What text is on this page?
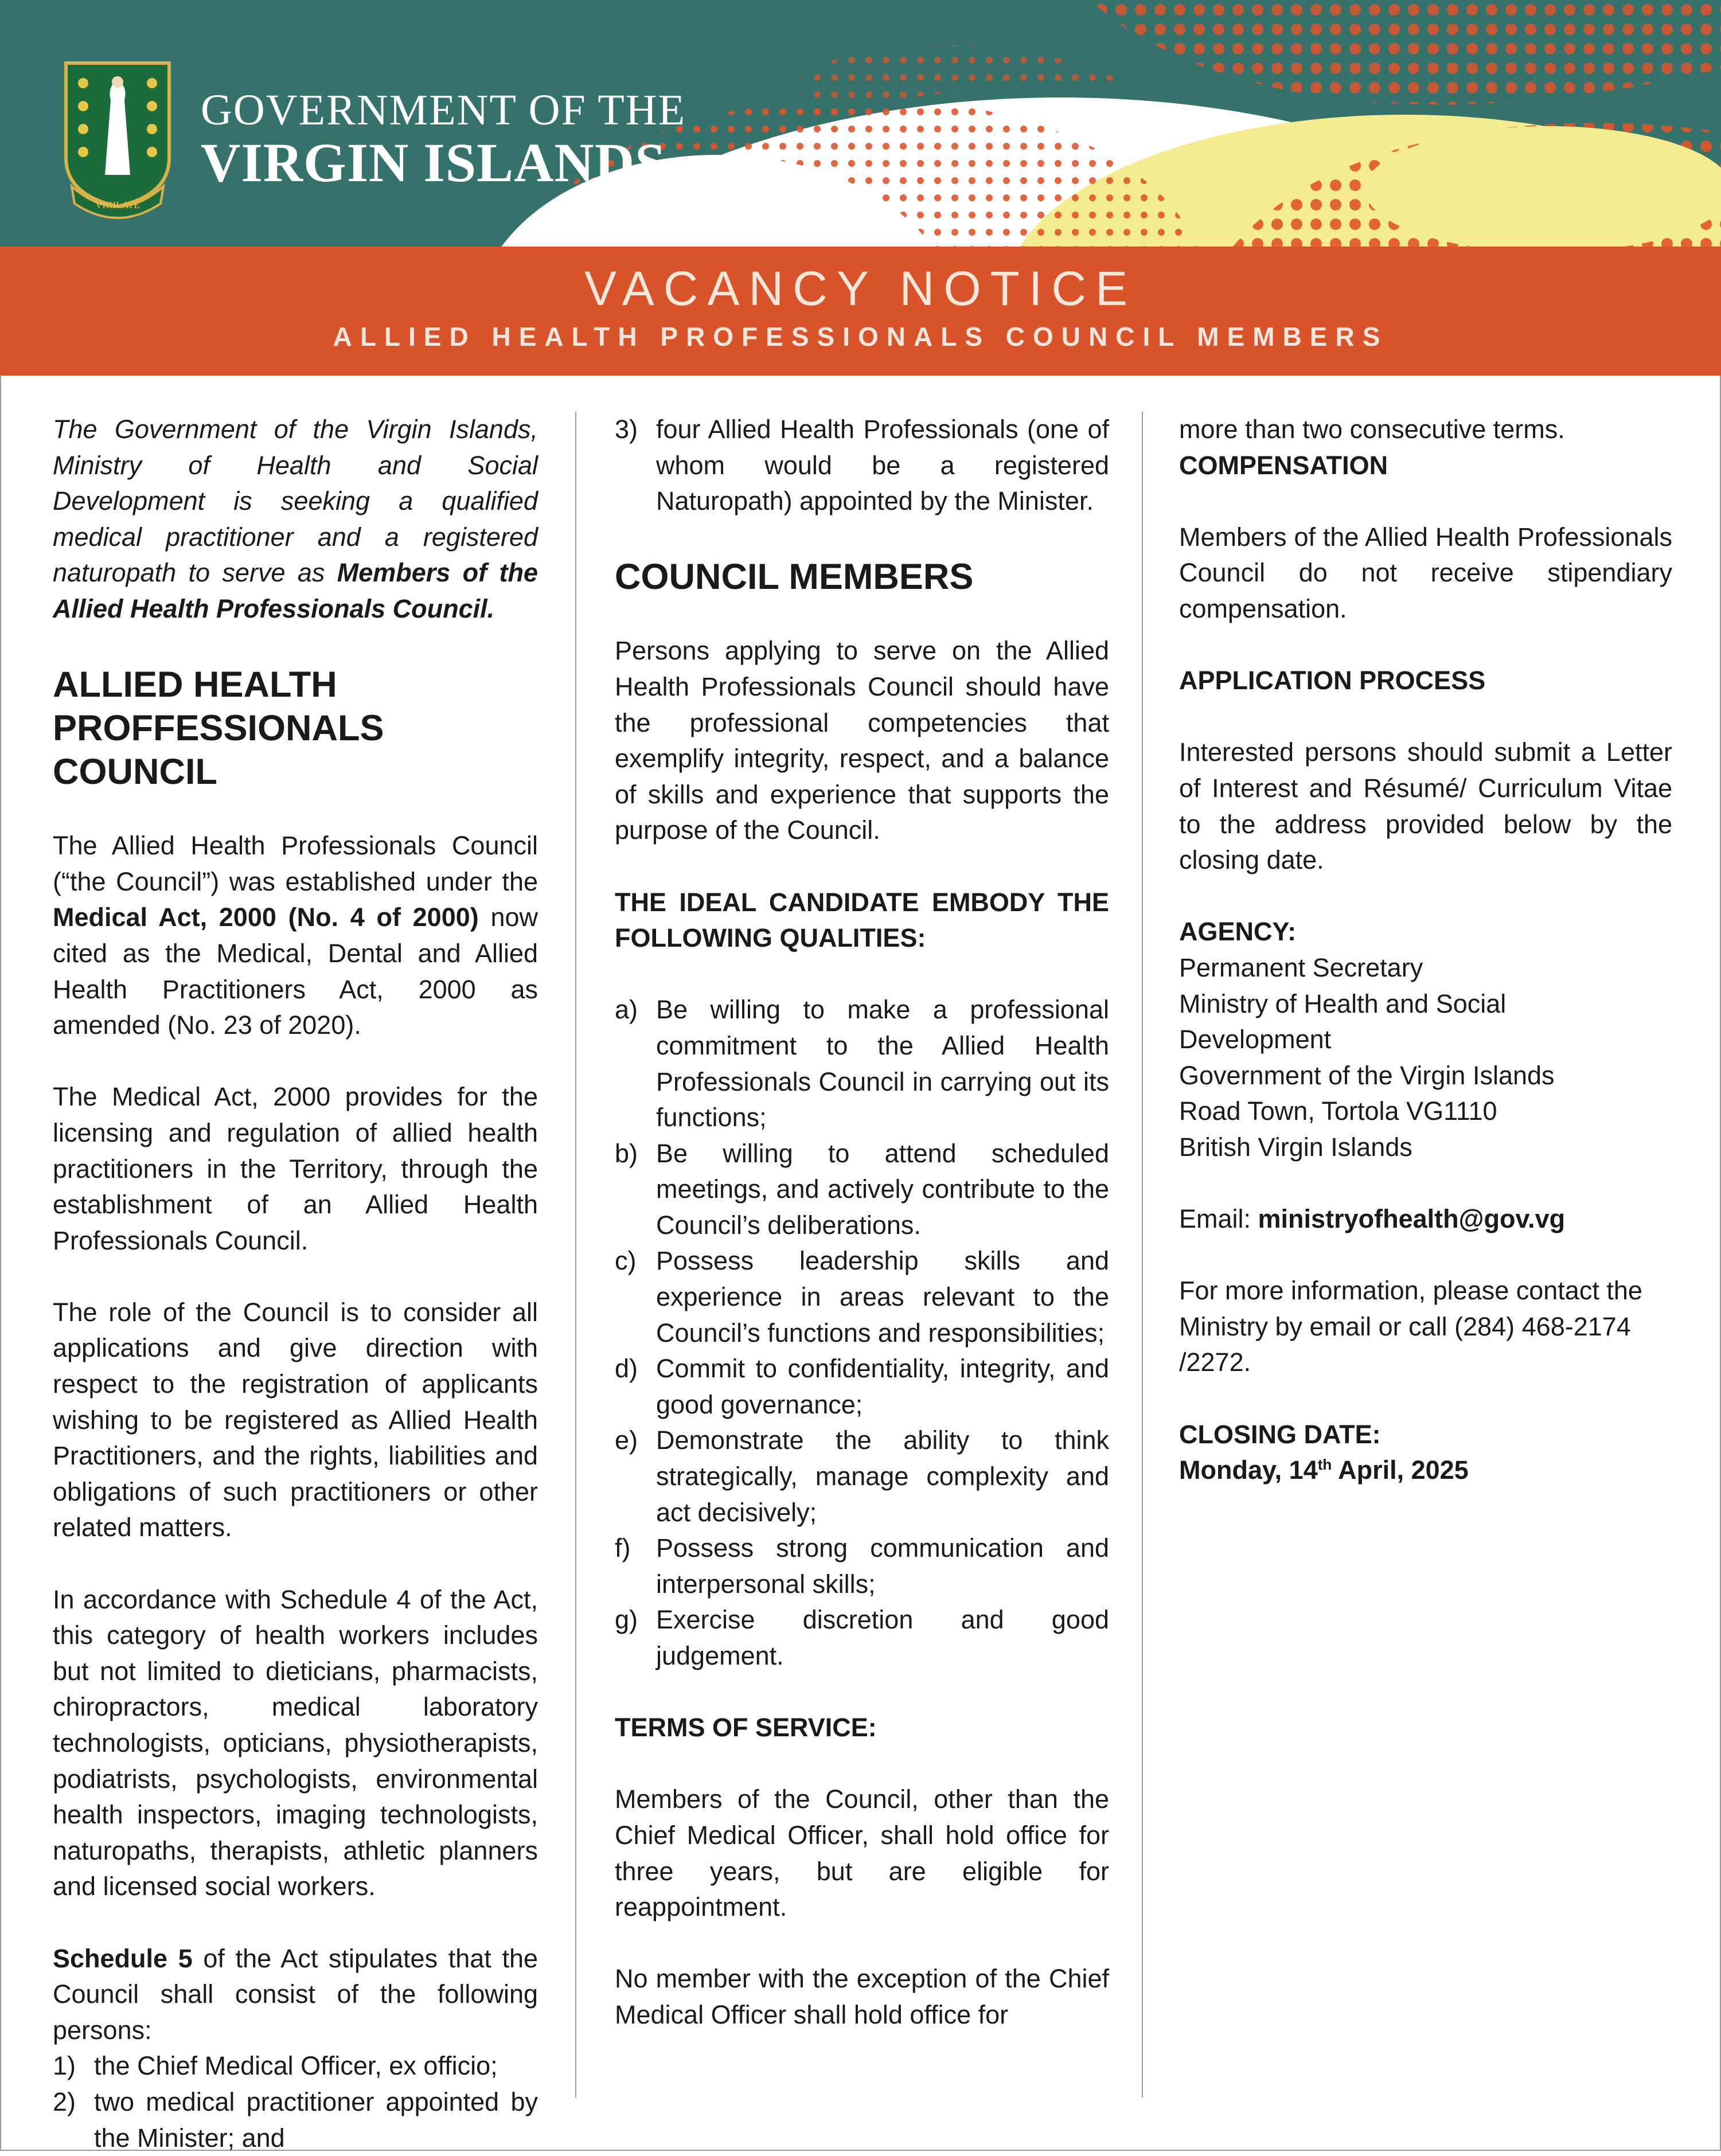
VIGILATE
GOVERNMENT OF THE
VIRGIN ISLANDS
VACANCY NOTICE
ALLIED HEALTH PROFESSIONALS COUNCIL MEMBERS

The Government of the Virgin Islands, Ministry of Health and Social Development is seeking a qualified medical practitioner and a registered naturopath to serve as Members of the Allied Health Professionals Council.

ALLIED HEALTH PROFFESSIONALS COUNCIL

The Allied Health Professionals Council (“the Council”) was established under the Medical Act, 2000 (No. 4 of 2000) now cited as the Medical, Dental and Allied Health Practitioners Act, 2000 as amended (No. 23 of 2020).

The Medical Act, 2000 provides for the licensing and regulation of allied health practitioners in the Territory, through the establishment of an Allied Health Professionals Council.

The role of the Council is to consider all applications and give direction with respect to the registration of applicants wishing to be registered as Allied Health Practitioners, and the rights, liabilities and obligations of such practitioners or other related matters.

In accordance with Schedule 4 of the Act, this category of health workers includes but not limited to dieticians, pharmacists, chiropractors, medical laboratory technologists, opticians, physiotherapists, podiatrists, psychologists, environmental health inspectors, imaging technologists, naturopaths, therapists, athletic planners and licensed social workers.

Schedule 5 of the Act stipulates that the Council shall consist of the following persons:

1) the Chief Medical Officer, ex officio;
2) two medical practitioner appointed by the Minister; and
3) four Allied Health Professionals (one of whom would be a registered Naturopath) appointed by the Minister.
COUNCIL MEMBERS

Persons applying to serve on the Allied Health Professionals Council should have the professional competencies that exemplify integrity, respect, and a balance of skills and experience that supports the purpose of the Council.

THE IDEAL CANDIDATE EMBODY THE FOLLOWING QUALITIES:

a) Be willing to make a professional commitment to the Allied Health Professionals Council in carrying out its functions;
b) Be willing to attend scheduled meetings, and actively contribute to the Council’s deliberations.
c) Possess leadership skills and experience in areas relevant to the Council’s functions and responsibilities;
d) Commit to confidentiality, integrity, and good governance;
e) Demonstrate the ability to think strategically, manage complexity and act decisively;
f) Possess strong communication and interpersonal skills;
g) Exercise discretion and good judgement.

TERMS OF SERVICE:

Members of the Council, other than the Chief Medical Officer, shall hold office for three years, but are eligible for reappointment.

No member with the exception of the Chief Medical Officer shall hold office for

more than two consecutive terms.

COMPENSATION

Members of the Allied Health Professionals Council do not receive stipendiary compensation.

APPLICATION PROCESS

Interested persons should submit a Letter of Interest and Résumé/ Curriculum Vitae to the address provided below by the closing date.

AGENCY:

Permanent Secretary
Ministry of Health and Social
Development
Government of the Virgin Islands
Road Town, Tortola VG1110
British Virgin Islands

Email: ministryofhealth@gov.vg

For more information, please contact the Ministry by email or call (284) 468-2174 /2272.

CLOSING DATE:

Monday, 14th April, 2025
